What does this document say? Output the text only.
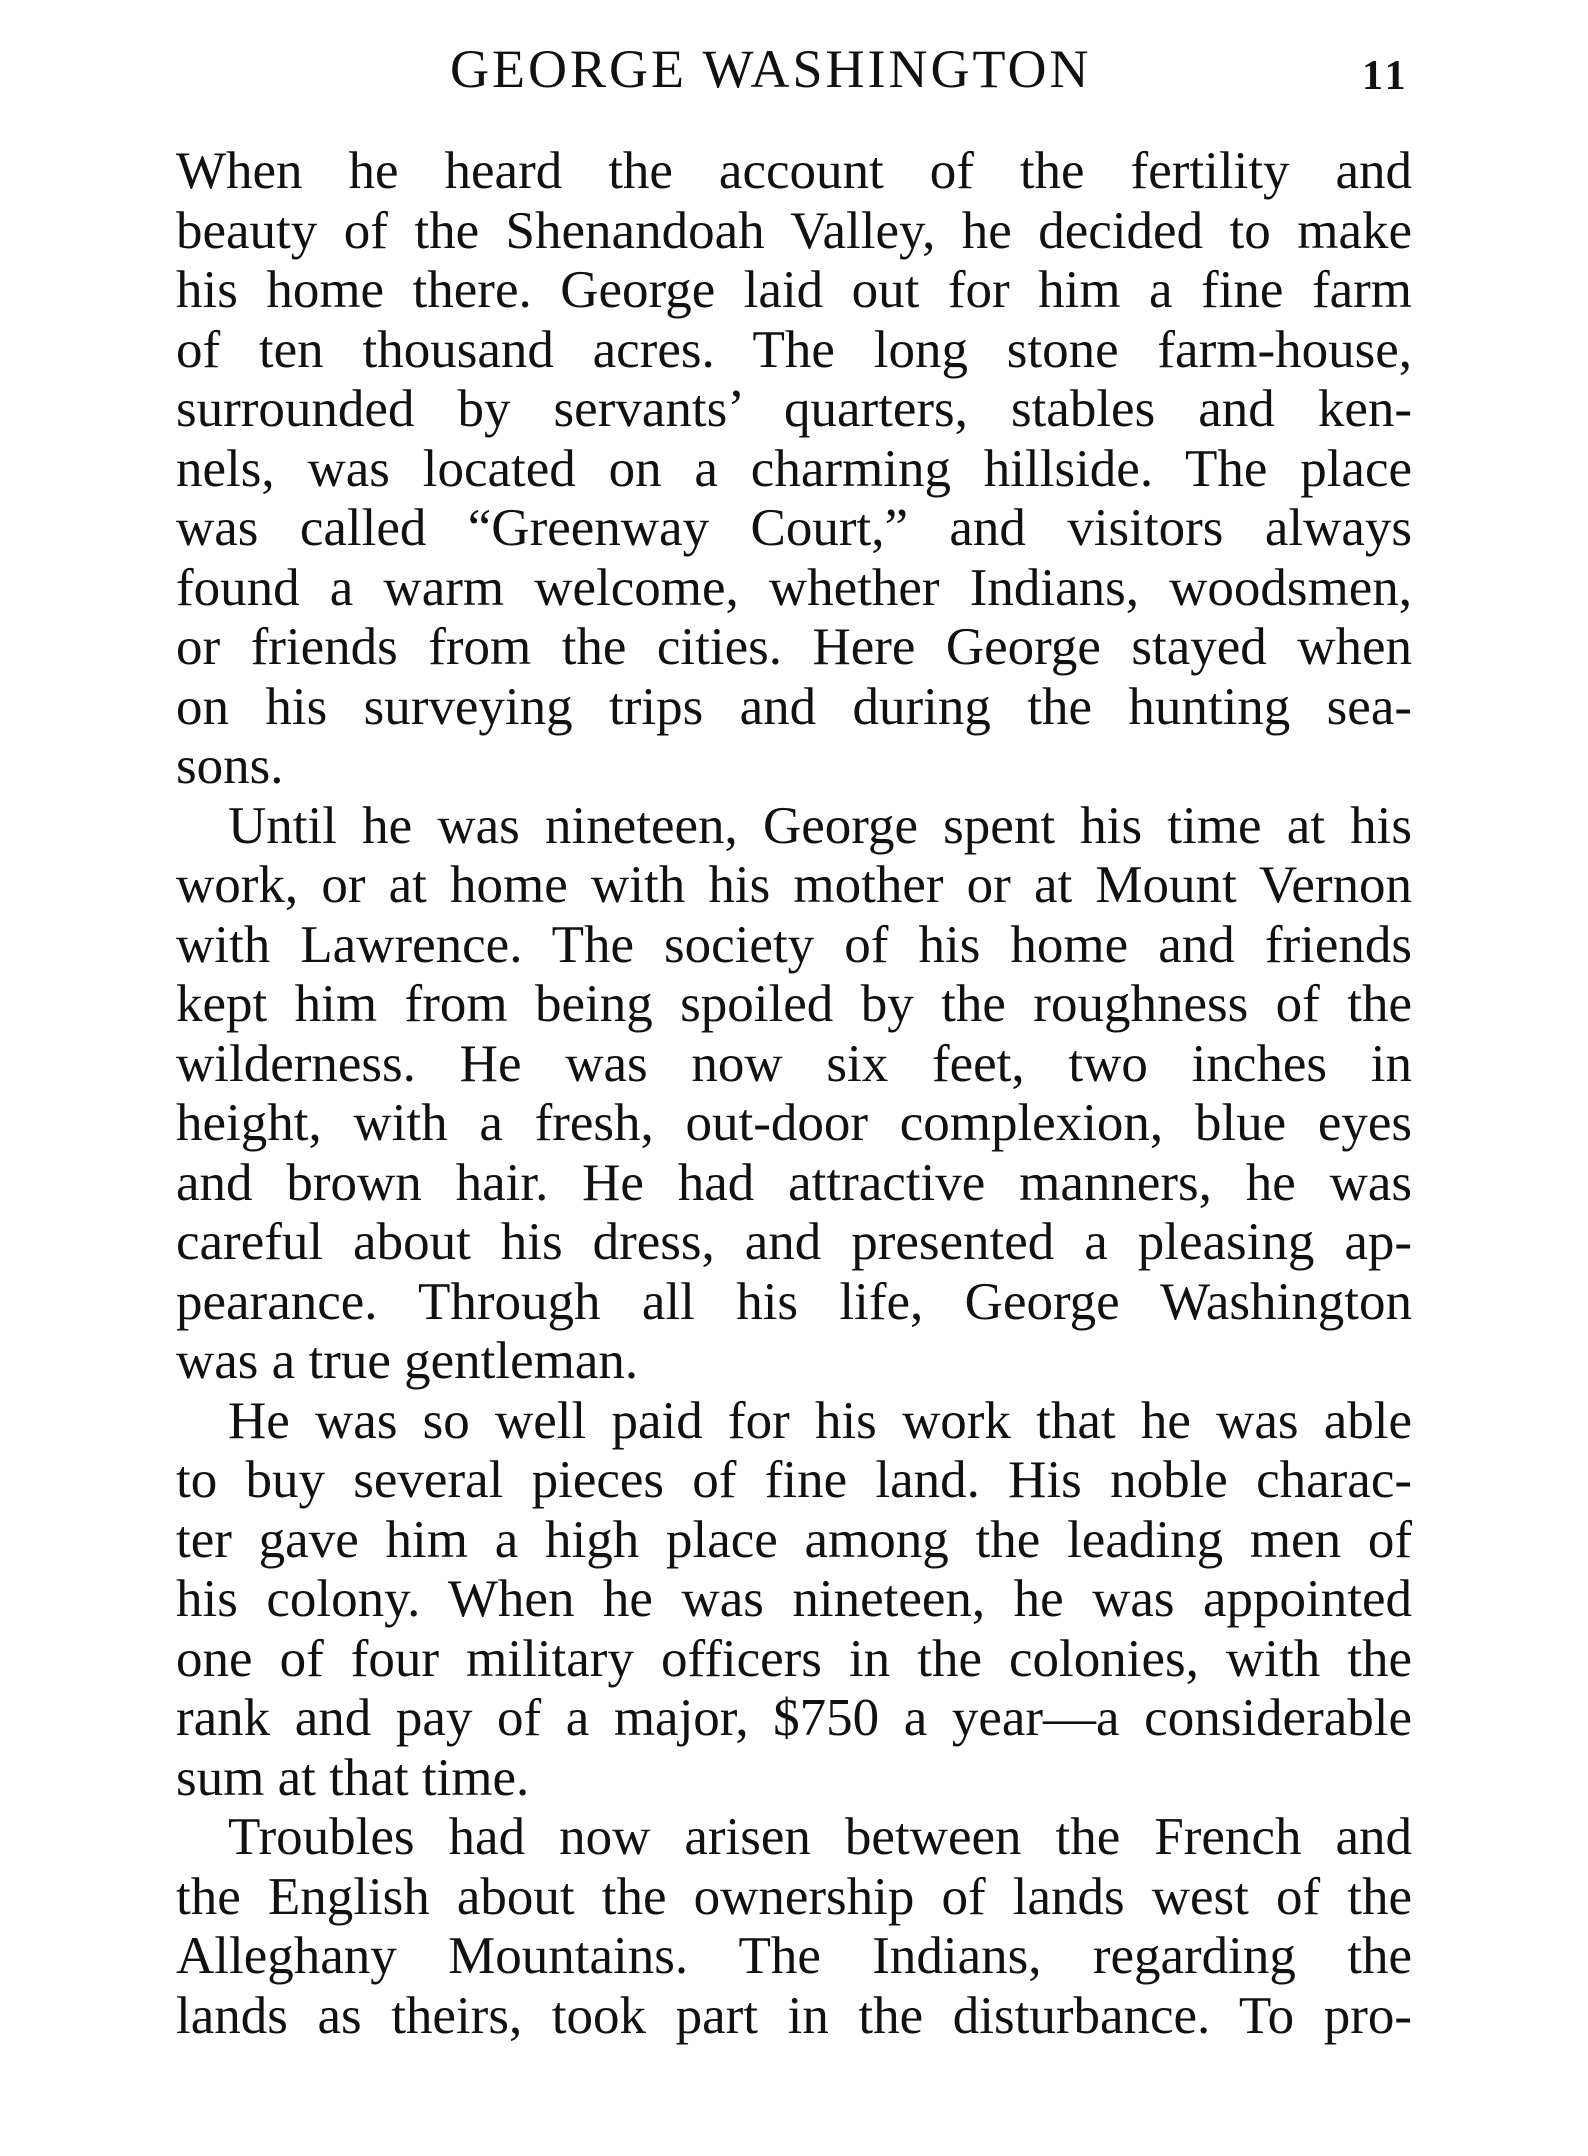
GEORGE WASHINGTON	11
When he heard the account of the fertility and
beauty of the Shenandoah Valley, he decided to make
his home there. George laid out for him a fine farm
of ten thousand acres. The long stone farm-house,
surrounded by servants’ quarters, stables and ken-
nels, was located on a charming hillside. The place
was called “Greenway Court,” and visitors always
found a warm welcome, whether Indians, woodsmen,
or friends from the cities. Here George stayed when
on his surveying trips and during the hunting sea-
sons.
Until he was nineteen, George spent his time at his
work, or at home with his mother or at Mount Vernon
with Lawrence. The society of his home and friends
kept him from being spoiled by the roughness of the
wilderness. He was now six feet, two inches in
height, with a fresh, out-door complexion, blue eyes
and brown hair. He had attractive manners, he was
careful about his dress, and presented a pleasing ap-
pearance. Through all his life, George Washington
was a true gentleman.
He was so well paid for his work that he was able
to buy several pieces of fine land. His noble charac-
ter gave him a high place among the leading men of
his colony. When he was nineteen, he was appointed
one of four military officers in the colonies, with the
rank and pay of a major, $750 a year—a considerable
sum at that time.
Troubles had now arisen between the French and
the English about the ownership of lands west of the
Alleghany Mountains. The Indians, regarding the
lands as theirs, took part in the disturbance. To pro-
